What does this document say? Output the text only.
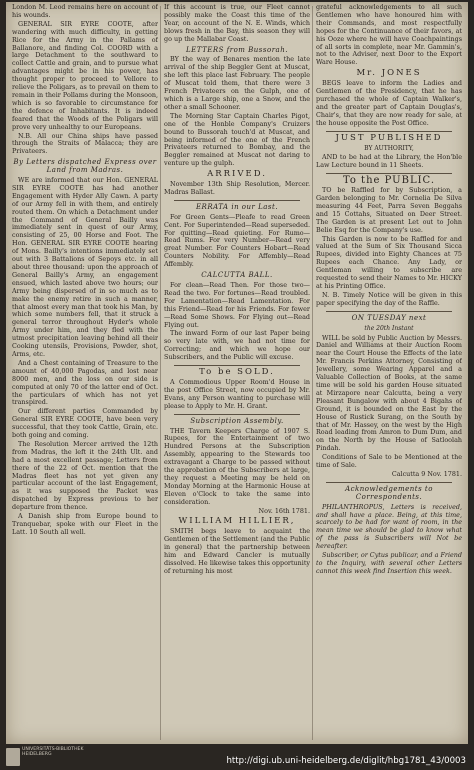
London M. Leod remains here on account of his wounds.

GENERAL SIR EYRE COOTE, after wandering with much difficulty, in getting Rice for the Army in the Pallams of Ballanore, and finding Col. COORD with a large Detachment to the southward to collect Cattle and grain, and to pursue what advantages might be in his power, has thought proper to proceed to Vellore to relieve the Poligars, as to prevail on them to remain in their Pollams during the Monsoon, which is so favorable to circumstance for the defence of Inhabitants. It is indeed feared that the Woods of the Poligars will prove very unhealthy to our Europeans.

N.B. All our China ships have passed through the Straits of Malacca; they are Privateers.

By Letters dispatched Express over Land from Madras.

WE are informed that our Hon. GENERAL SIR EYRE COOTE has had another Engagement with Hyder Ally Cawn. A party of our Army fell in with them, and entirely routed them. On which a Detachment under the Command of General Bailly was immediately sent in quest of our Army, consisting of 25, 00 Horse and Foot. The Hon. GENERAL SIR EYRE COOTE hearing of Mons. Bailly's intentions immediately set out with 3 Battalions of Sepoys etc. in all about three thousand: upon the approach of General Bailly's Army, an engagement ensued, which lasted above two hours; our Army being dispersed of in so much as to make the enemy retire in such a manner, that almost every man that took his Man, by which some numbers fell, that it struck a general terror throughout Hyder's whole Army under him, and they fled with the utmost precipitation leaving behind all their Cooking utensils, Provisions, Powder, shot, Arms, etc.

And a Chest containing of Treasure to the amount of 40,000 Pagodas, and lost near 8000 men, and the loss on our side is computed at only 70 of the latter end of Oct. the particulars of which has not yet transpired.

Our different parties Commanded by General SIR EYRE COOTE, have been very successful, that they took Cattle, Grain, etc. both going and coming.

The Resolution Mercer arrived the 12th from Madras, the left it the 24th Ult. and had a most excellent passage; Letters from there of the 22 of Oct. mention that the Madras fleet has not yet given any particular account of the last Engagement, as it was supposed the Packet was dispatched by Express previous to her departure from thence.

A Danish ship from Europe bound to Tranquebar, spoke with our Fleet in the Latt. 10 South all well.

If this account is true, our Fleet cannot possibly make the Coast this time of the Year, on account of the N. E. Winds, which blows fresh in the Bay, this season they will go up the Mallabar Coast.

LETTERS from Bussorah.

BY the way of Benares mention the late arrival of the ship Beggler Gent at Muscat, she left this place last February. The people of Muscat told them, that there were 3 French Privateers on the Gulph, one of which is a Large ship, one a Snow, and the other a small Schooner.

The Morning Star Captain Charles Pigot, one of the Honble Company's Cruizers bound to Bussorah touch'd at Muscat, and being informed of the one of the French Privateers returned to Bombay, and the Beggler remained at Muscat not daring to venture up the gulph.

ARRIVED.

November 13th Ship Resolution, Mercer. Madras Ballast.

ERRATA in our Last.

For Green Gents—Pleafe to read Green Cent. For Superintended—Read superseded. For quitting—Read quieting. For Rumo—Read Rums. For very Number—Read very great Number. For Counters Hobart—Read Counters Nobility. For Affembly—Read Affembly.

CALCUTTA BALL.

For clean—Read Then. For those two—Read the two. For fortunes—Read troubled. For Lamentation—Read Lamentation. For this Friend—Read for his Friends. For fewer—Read Some Shows. For Flying out—Read Flying out.

The inward Form of our last Paper being so very late with, we had not time for Correcting; and which we hope our Subscribers, and the Public will excuse.

To be SOLD.

A Commodious Upper Room'd House in the post Office Street, now occupied by Mr. Evans, any Person wanting to purchase will please to Apply to Mr. H. Grant.

Subscription Assembly.

THE Tavern Keepers Charge of 1907 S. Rupees, for the Entertainment of two Hundred Persons at the Subscription Assembly, appearing to the Stewards too extravagant a Charge to be passed without the approbation of the Subscribers at large, they request a Meeting may be held on Monday Morning at the Harmonic House at Eleven o'Clock to take the same into consideration.

Nov. 16th 1781.

WILLIAM HILLIER,

SMITH begs leave to acquaint the Gentlemen of the Settlement (and the Public in general) that the partnership between him and Edward Cancler is mutually dissolved. He likewise takes this opportunity of returning his most

grateful acknowledgements to all such Gentlemen who have honoured him with their Commands, and most respectfully hopes for the Continuance of their favors, at his Ooze where he will have Coachpaintings of all sorts in complete, near Mr. Gammin's, not to the Adviser, next Door to the Export Ware House.

Mr. JONES

BEGS leave to inform the Ladies and Gentlemen of the Presidency, that he has purchased the whole of Captain Walker's, and the greater part of Captain Douglas's, Chair's, that they are now ready for sale, at the house opposite the Post Office.

JUST PUBLISHED
BY AUTHORITY,

AND to be had at the Library, the Hon'ble Law Lecture bound in 11 Sheets.

To the PUBLIC.

TO be Raffled for by Subscription, a Garden belonging to Mr. Cornelia De Silva measuring 44 Feet, Parra Seven Beggahs and 15 Cottahs, Situated on Deer Street. The Garden is at present Let out to John Belie Esq for the Company's use.

This Garden is now to be Raffled for and valued at the Sum of Six Thousand Sicca Rupees, divided into Eighty Chances at 75 Rupees each Chance. Any Lady, or Gentleman willing to subscribe are requested to send their Names to Mr. HICKY at his Printing Office.

N. B. Timely Notice will be given in this paper specifying the day of the Raffle.

ON TUESDAY next
the 20th Instant

WILL be sold by Public Auction by Messrs. Daniel and Williams at their Auction Room near the Court House the Effects of the late Mr. Francis Perkins Attorney, Consisting of Jewellery, some Wearing Apparel and a Valuable Collection of Books, at the same time will be sold his garden House situated at Mirzapore near Calcutta, being a very Pleasant Bungalow with about 4 Bigahs of Ground, it is bounded on the East by the House of Rustick Surang, on the South by that of Mr. Hassey, on the west by the High Road leading from Amron to Dum Dum, and on the North by the House of Satloolah Pindah.

Conditions of Sale to be Mentioned at the time of Sale.

Calcutta 9 Nov. 1781.

Acknowledgements to Correspondents.

PHILANTHROPUS, Letters is received, and shall have a place. Being, at this time, scarcely to be had for want of room, in the mean time we should be glad to know what of the pass is Subscribers will Not be hereafter.

Subscriber, or Cytus publicar, and a Friend to the Inquiry, with several other Letters cannot this week find Insertion this week.

UNIVERSITÄTS-BIBLIOTHEK HEIDELBERG
http://digi.ub.uni-heidelberg.de/diglit/hbg1781_43/0003
